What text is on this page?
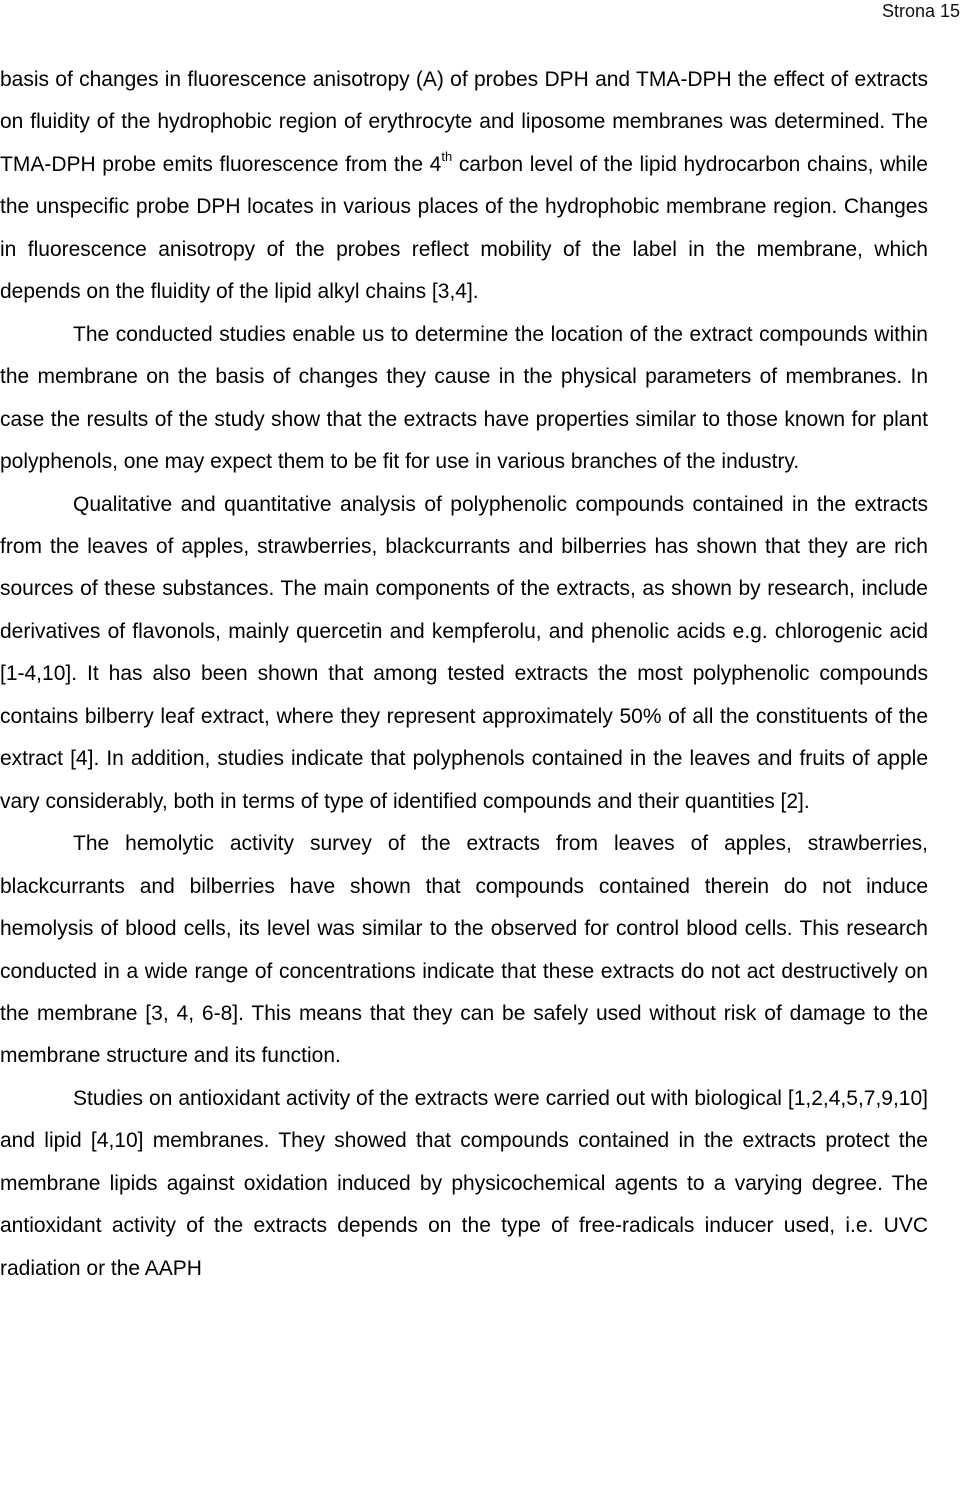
Strona 15

basis of changes in fluorescence anisotropy (A) of probes DPH and TMA-DPH the effect of extracts on fluidity of the hydrophobic region of erythrocyte and liposome membranes was determined. The TMA-DPH probe emits fluorescence from the 4th carbon level of the lipid hydrocarbon chains, while the unspecific probe DPH locates in various places of the hydrophobic membrane region. Changes in fluorescence anisotropy of the probes reflect mobility of the label in the membrane, which depends on the fluidity of the lipid alkyl chains [3,4].

The conducted studies enable us to determine the location of the extract compounds within the membrane on the basis of changes they cause in the physical parameters of membranes. In case the results of the study show that the extracts have properties similar to those known for plant polyphenols, one may expect them to be fit for use in various branches of the industry.

Qualitative and quantitative analysis of polyphenolic compounds contained in the extracts from the leaves of apples, strawberries, blackcurrants and bilberries has shown that they are rich sources of these substances. The main components of the extracts, as shown by research, include derivatives of flavonols, mainly quercetin and kempferolu, and phenolic acids e.g. chlorogenic acid [1-4,10]. It has also been shown that among tested extracts the most polyphenolic compounds contains bilberry leaf extract, where they represent approximately 50% of all the constituents of the extract [4]. In addition, studies indicate that polyphenols contained in the leaves and fruits of apple vary considerably, both in terms of type of identified compounds and their quantities [2].

The hemolytic activity survey of the extracts from leaves of apples, strawberries, blackcurrants and bilberries have shown that compounds contained therein do not induce hemolysis of blood cells, its level was similar to the observed for control blood cells. This research conducted in a wide range of concentrations indicate that these extracts do not act destructively on the membrane [3, 4, 6-8]. This means that they can be safely used without risk of damage to the membrane structure and its function.

Studies on antioxidant activity of the extracts were carried out with biological [1,2,4,5,7,9,10] and lipid [4,10] membranes. They showed that compounds contained in the extracts protect the membrane lipids against oxidation induced by physicochemical agents to a varying degree. The antioxidant activity of the extracts depends on the type of free-radicals inducer used, i.e. UVC radiation or the AAPH
